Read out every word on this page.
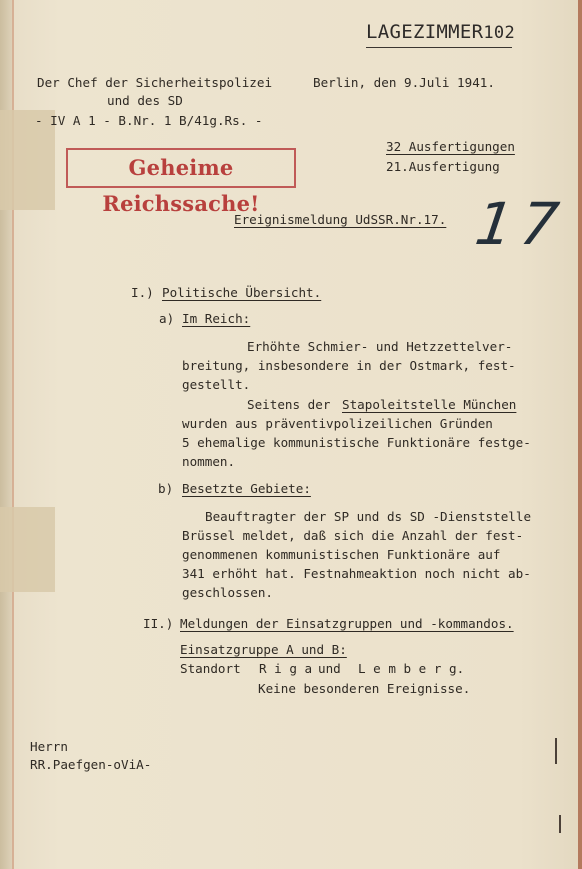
LAGEZIMMER102
Der Chef der Sicherheitspolizei
und des SD
- IV A 1 - B.Nr. 1 B/41g.Rs. -
Berlin, den 9.Juli 1941.
32 Ausfertigungen
21.Ausfertigung
Geheime Reichssache!
Ereignismeldung UdSSR.Nr.17. 17
I.) Politische Übersicht.
a) Im Reich:
Erhöhte Schmier- und Hetzzettelver-
breitung, insbesondere in der Ostmark, fest-
gestellt.
Seitens der Stapoleitstelle München
wurden aus präventivpolizeilichen Gründen
5 ehemalige kommunistische Funktionäre festge-
nommen.
b) Besetzte Gebiete:
Beauftragter der SP und ds SD -Dienststelle
Brüssel meldet, daß sich die Anzahl der fest-
genommenen kommunistischen Funktionäre auf
341 erhöht hat. Festnahmeaktion noch nicht ab-
geschlossen.
II.) Meldungen der Einsatzgruppen und -kommandos.
Einsatzgruppe A und B:
Standort R i g a und L e m b e r g.
Keine besonderen Ereignisse.
Herrn
RR.Paefgen-oViA-
